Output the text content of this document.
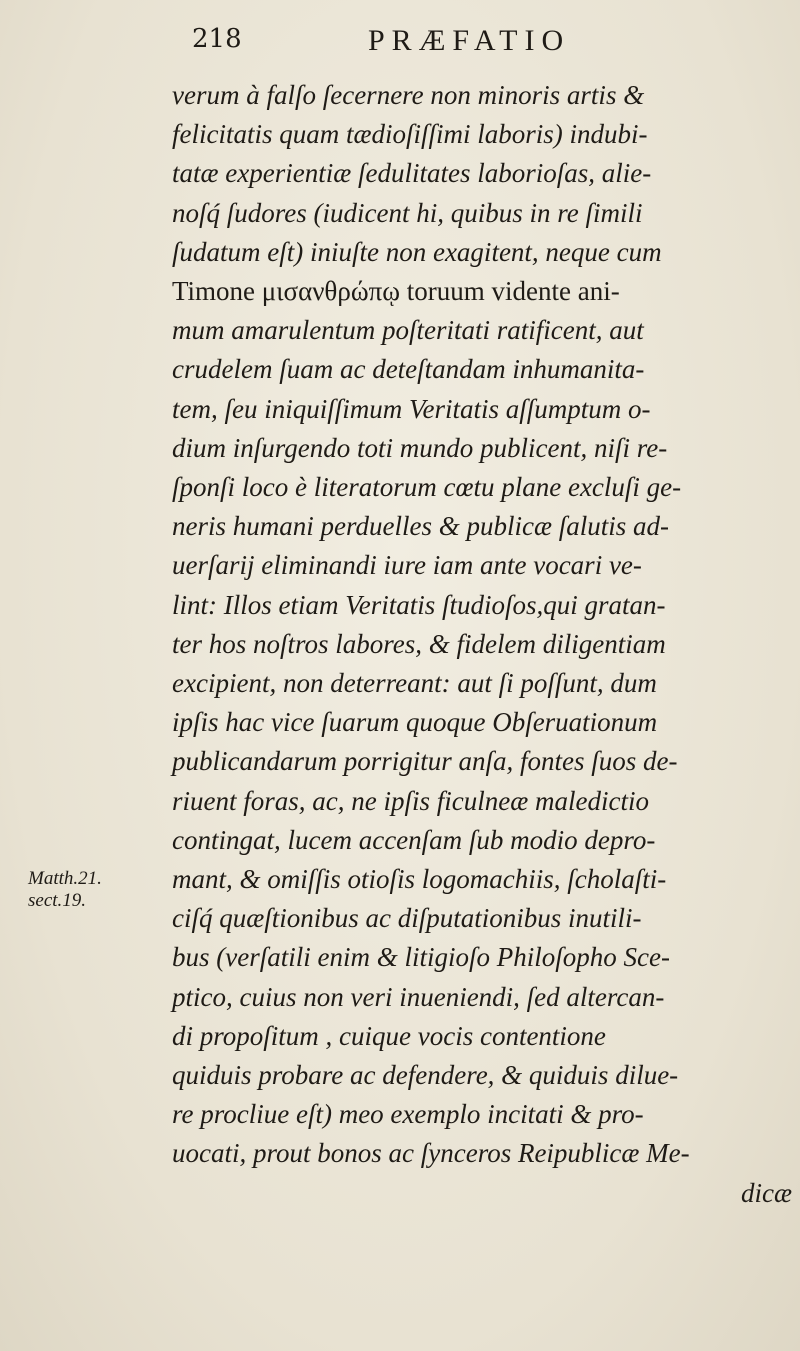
218	PRÆFATIO
Matth.21.
sect.19.
verum à falſo ſecernere non minoris artis &
felicitatis quam tædioſiſſimi laboris) indubi-
tatæ experientiæ ſedulitates laborioſas, alie-
noſq́ ſudores (iudicent hi, quibus in re ſimili
ſudatum eſt) iniuſte non exagitent, neque cum
Timone μισανθρώπῳ toruum vidente ani-
mum amarulentum poſteritati ratificent, aut
crudelem ſuam ac deteſtandam inhumanita-
tem, ſeu iniquiſſimum Veritatis aſſumptum o-
dium inſurgendo toti mundo publicent, niſi re-
ſponſi loco è literatorum cœtu plane excluſi ge-
neris humani perduelles & publicæ ſalutis ad-
uerſarij eliminandi iure iam ante vocari ve-
lint: Illos etiam Veritatis ſtudioſos,qui gratan-
ter hos noſtros labores, & fidelem diligentiam
excipient, non deterreant: aut ſi poſſunt, dum
ipſis hac vice ſuarum quoque Obſeruationum
publicandarum porrigitur anſa, fontes ſuos de-
riuent foras, ac, ne ipſis ficulneæ maledictio
contingat, lucem accenſam ſub modio depro-
mant, & omiſſis otioſis logomachiis, ſcholaſti-
ciſq́ quæſtionibus ac diſputationibus inutili-
bus (verſatili enim & litigioſo Philoſopho Sce-
ptico, cuius non veri inueniendi, ſed altercan-
di propoſitum , cuique vocis contentione
quiduis probare ac defendere, & quiduis dilue-
re procliue eſt) meo exemplo incitati & pro-
uocati, prout bonos ac ſynceros Reipublicæ Me-
dicæ
